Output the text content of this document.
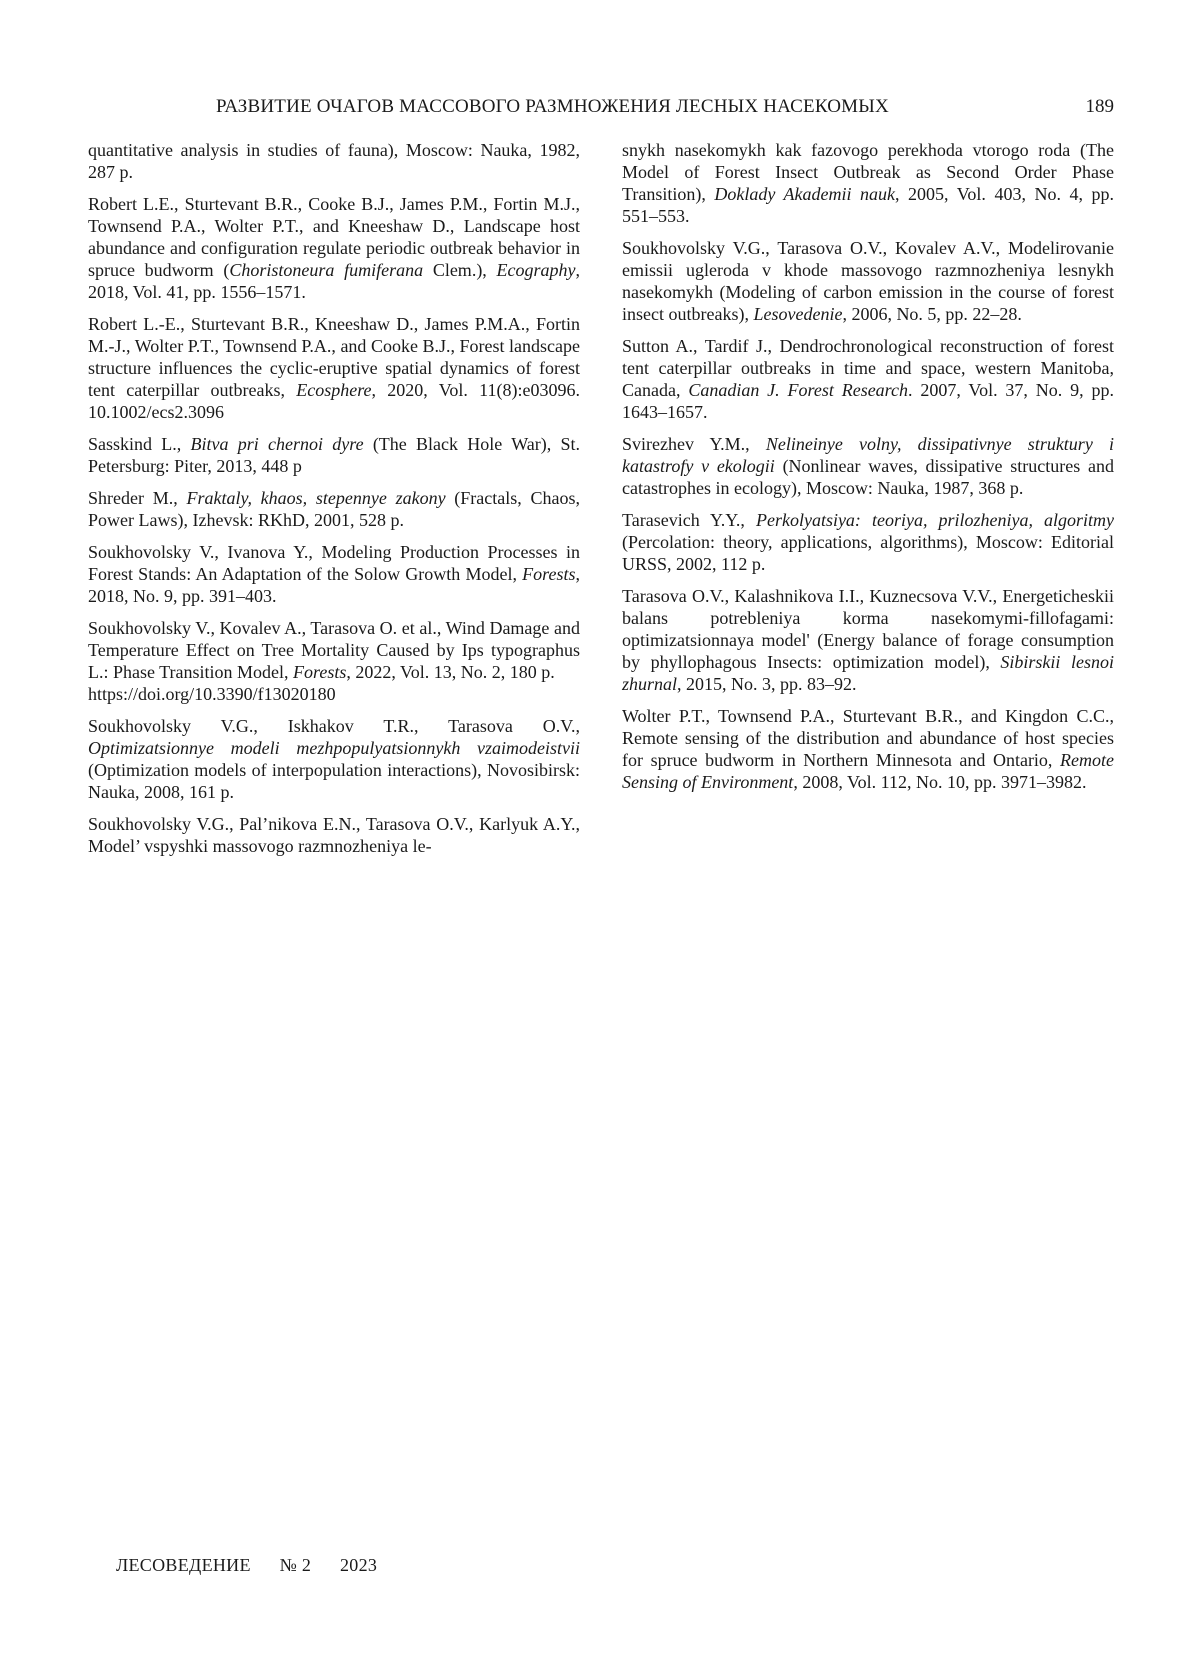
РАЗВИТИЕ ОЧАГОВ МАССОВОГО РАЗМНОЖЕНИЯ ЛЕСНЫХ НАСЕКОМЫХ	189

quantitative analysis in studies of fauna), Moscow: Nauka, 1982, 287 p.

Robert L.E., Sturtevant B.R., Cooke B.J., James P.M., Fortin M.J., Townsend P.A., Wolter P.T., and Kneeshaw D., Landscape host abundance and configuration regulate periodic outbreak behavior in spruce budworm (Choristoneura fumiferana Clem.), Ecography, 2018, Vol. 41, pp. 1556–1571.

Robert L.-E., Sturtevant B.R., Kneeshaw D., James P.M.A., Fortin M.-J., Wolter P.T., Townsend P.A., and Cooke B.J., Forest landscape structure influences the cyclic-eruptive spatial dynamics of forest tent caterpillar outbreaks, Ecosphere, 2020, Vol. 11(8):e03096. 10.1002/ecs2.3096

Sasskind L., Bitva pri chernoi dyre (The Black Hole War), St. Petersburg: Piter, 2013, 448 p

Shreder M., Fraktaly, khaos, stepennye zakony (Fractals, Chaos, Power Laws), Izhevsk: RKhD, 2001, 528 p.

Soukhovolsky V., Ivanova Y., Modeling Production Processes in Forest Stands: An Adaptation of the Solow Growth Model, Forests, 2018, No. 9, pp. 391–403.

Soukhovolsky V., Kovalev A., Tarasova O. et al., Wind Damage and Temperature Effect on Tree Mortality Caused by Ips typographus L.: Phase Transition Model, Forests, 2022, Vol. 13, No. 2, 180 p.
https://doi.org/10.3390/f13020180

Soukhovolsky V.G., Iskhakov T.R., Tarasova O.V., Optimizatsionnye modeli mezhpopulyatsionnykh vzaimodeistvii (Optimization models of interpopulation interactions), Novosibirsk: Nauka, 2008, 161 p.

Soukhovolsky V.G., Pal’nikova E.N., Tarasova O.V., Karlyuk A.Y., Model’ vspyshki massovogo razmnozheniya le-

snykh nasekomykh kak fazovogo perekhoda vtorogo roda (The Model of Forest Insect Outbreak as Second Order Phase Transition), Doklady Akademii nauk, 2005, Vol. 403, No. 4, pp. 551–553.

Soukhovolsky V.G., Tarasova O.V., Kovalev A.V., Modelirovanie emissii ugleroda v khode massovogo razmnozheniya lesnykh nasekomykh (Modeling of carbon emission in the course of forest insect outbreaks), Lesovedenie, 2006, No. 5, pp. 22–28.

Sutton A., Tardif J., Dendrochronological reconstruction of forest tent caterpillar outbreaks in time and space, western Manitoba, Canada, Canadian J. Forest Research. 2007, Vol. 37, No. 9, pp. 1643–1657.

Svirezhev Y.M., Nelineinye volny, dissipativnye struktury i katastrofy v ekologii (Nonlinear waves, dissipative structures and catastrophes in ecology), Moscow: Nauka, 1987, 368 p.

Tarasevich Y.Y., Perkolyatsiya: teoriya, prilozheniya, algoritmy (Percolation: theory, applications, algorithms), Moscow: Editorial URSS, 2002, 112 p.

Tarasova O.V., Kalashnikova I.I., Kuznecsova V.V., Energeticheskii balans potrebleniya korma nasekomymi-fillofagami: optimizatsionnaya model' (Energy balance of forage consumption by phyllophagous Insects: optimization model), Sibirskii lesnoi zhurnal, 2015, No. 3, pp. 83–92.

Wolter P.T., Townsend P.A., Sturtevant B.R., and Kingdon C.C., Remote sensing of the distribution and abundance of host species for spruce budworm in Northern Minnesota and Ontario, Remote Sensing of Environment, 2008, Vol. 112, No. 10, pp. 3971–3982.

ЛЕСОВЕДЕНИЕ № 2 2023
